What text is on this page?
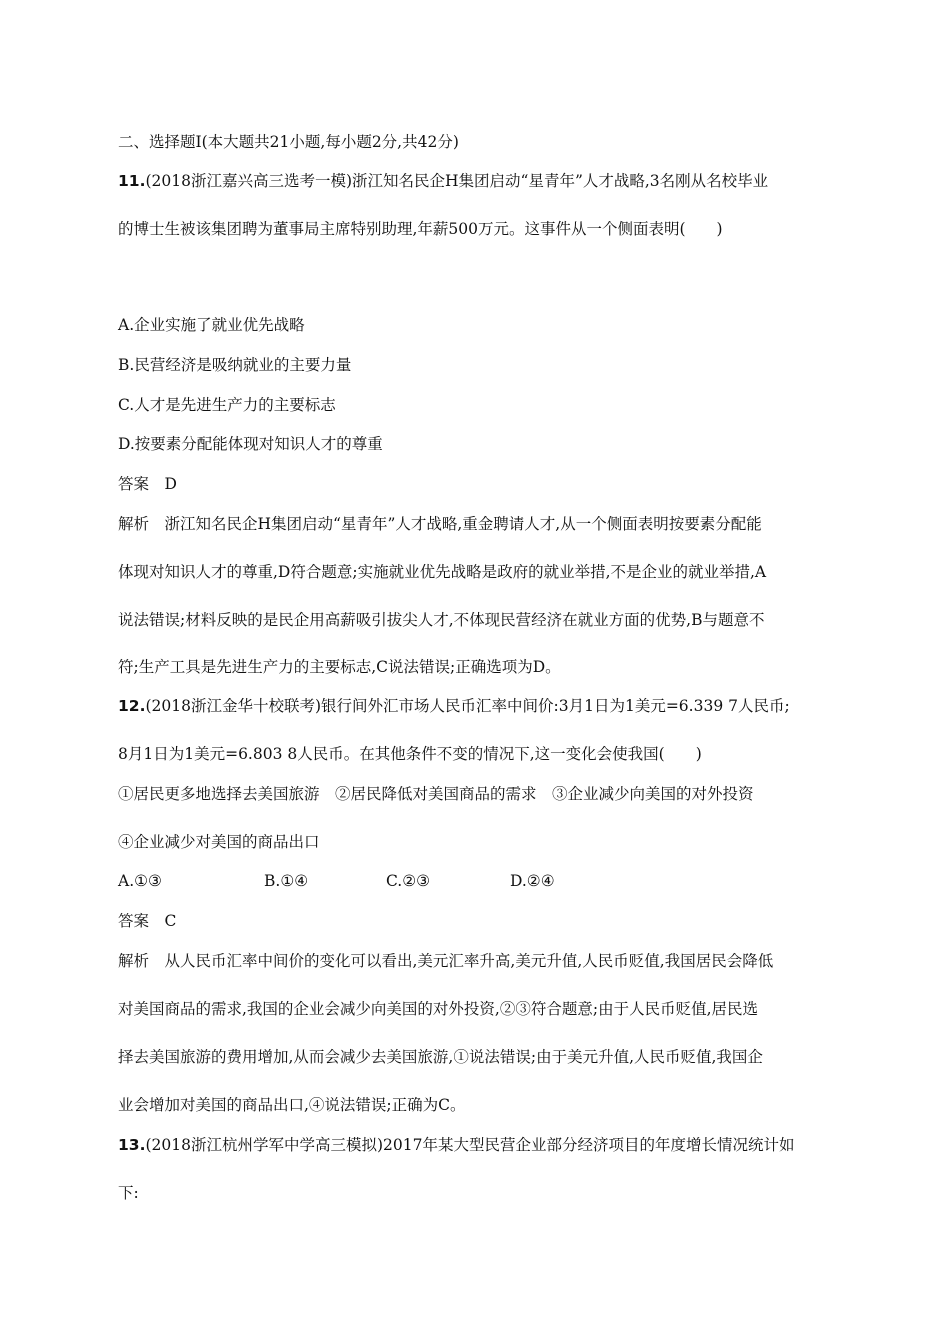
二、选择题Ⅰ(本大题共21小题,每小题2分,共42分)
11.(2018浙江嘉兴高三选考一模)浙江知名民企H集团启动“星青年”人才战略,3名刚从名校毕业
的博士生被该集团聘为董事局主席特别助理,年薪500万元。这事件从一个侧面表明(　　)
A.企业实施了就业优先战略
B.民营经济是吸纳就业的主要力量
C.人才是先进生产力的主要标志
D.按要素分配能体现对知识人才的尊重
答案　D
解析　浙江知名民企H集团启动“星青年”人才战略,重金聘请人才,从一个侧面表明按要素分配能
体现对知识人才的尊重,D符合题意;实施就业优先战略是政府的就业举措,不是企业的就业举措,A
说法错误;材料反映的是民企用高薪吸引拔尖人才,不体现民营经济在就业方面的优势,B与题意不
符;生产工具是先进生产力的主要标志,C说法错误;正确选项为D。
12.(2018浙江金华十校联考)银行间外汇市场人民币汇率中间价:3月1日为1美元=6.339 7人民币;
8月1日为1美元=6.803 8人民币。在其他条件不变的情况下,这一变化会使我国(　　)
①居民更多地选择去美国旅游　②居民降低对美国商品的需求　③企业减少向美国的对外投资
④企业减少对美国的商品出口
A.①③	B.①④	C.②③	D.②④
答案　C
解析　从人民币汇率中间价的变化可以看出,美元汇率升高,美元升值,人民币贬值,我国居民会降低
对美国商品的需求,我国的企业会减少向美国的对外投资,②③符合题意;由于人民币贬值,居民选
择去美国旅游的费用增加,从而会减少去美国旅游,①说法错误;由于美元升值,人民币贬值,我国企
业会增加对美国的商品出口,④说法错误;正确为C。
13.(2018浙江杭州学军中学高三模拟)2017年某大型民营企业部分经济项目的年度增长情况统计如
下:
